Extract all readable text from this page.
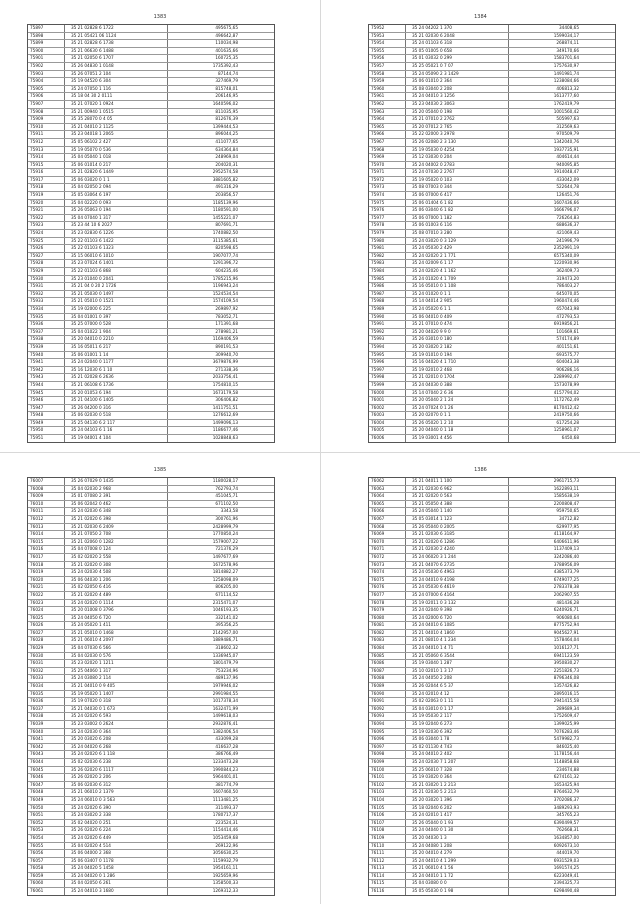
1383
75897	35 21 02828 6 1722	495675,65
75898	35 21 05421 06 1124	496642,87
75899	35 21 02828 6 1738	110034,98
75900	35 21 06630 6 1488	401635,66
75901	35 21 02050 6 1707	160725,35
75902	35 26 04830 1 0148	1735392,43
75903	35 26 07051 2 104	87144,74
75904	35 19 04520 6 304	327469,79
75905	35 24 07050 1 116	815748,01
75906	35 18 04 30 2 0111	206146,95
75907	35 21 07020 1 0924	1640596,02
75908	35 21 00940 1 0515	811035,95
75909	35 35 28070 0 4 05	812676,39
75910	35 21 04010 2 1125	1399444,53
75911	35 23 04018 1 2065	896044,25
75912	35 05 06102 2 427	411077,65
75913	35 19 05070 0 536	634364,84
75914	35 04 05040 1 018	248969,04
75915	35 06 01014 0 217	204020,31
75916	35 21 02820 6 1449	2952574,58
75917	35 06 03020 0 1 1	3881605,82
75918	35 04 02050 2 094	491316,29
75919	35 05 03064 6 197	203856,57
75920	35 04 02220 0 093	1185139,96
75921	35 26 05063 0 194	1180591,00
75922	35 04 07040 1 317	1455221,07
75923	35 23 44 10 6 2027	807691,71
75924	35 23 02830 6 1226	1740882,50
75925	35 22 01103 6 1422	3115385,61
75926	35 22 01103 6 1323	820598,65
75927	35 15 06010 6 1010	1907077,74
75928	35 23 07024 6 1401	1291396,72
75929	35 22 01103 6 868	604235,46
75930	35 23 01040 0 2041	1785215,96
75931	35 21 04 0 20 2 1726	1196943,24
75932	35 21 05030 0 1497	1524534,54
75933	35 21 05010 0 1521	1574109,54
75934	35 19 02000 6 225	269897,92
75935	35 04 01001 0 397	783052,71
75936	35 25 07000 0 528	171391,68
75937	35 04 01022 1 904	278981,21
75938	35 20 04010 0 2210	1169406,59
75939	35 16 05011 6 217	890191,53
75940	35 06 01001 1 14	309940,70
75941	35 24 02040 0 1177	3679876,99
75942	35 16 12030 6 1 10	271338,36
75943	35 21 02028 6 2636	2033756,41
75944	35 21 06108 6 1736	1754810,15
75945	35 20 01053 6 194	1673179,58
75946	35 21 04100 6 1405	306406,82
75947	35 26 04200 0 316	1411751,51
75948	35 06 02030 0 518	1276612,69
75949	35 25 04130 6 2 117	1499096,13
75950	35 24 04103 6 1 16	1186677,46
75951	35 19 04001 4 104	1028848,63
1384
75952	35 24 04202 1 370	34408,65
75953	35 21 02030 6 2048	1599034,17
75954	35 24 01103 6 318	268874,11
75955	35 05 01005 0 658	349170,66
75956	35 01 03032 0 299	1583701,64
75957	35 25 05021 0 7 07	1757630,97
75958	35 24 05090 2 3 1429	1491981,74
75959	35 06 01010 2 364	1238084,66
75960	35 08 03040 2 208	406813,32
75961	35 24 04010 3 1256	1613777,60
75962	35 23 04030 2 3063	1762419,79
75963	35 20 05040 0 198	1001560,42
75964	35 21 07010 2 2762	505997,63
75965	35 20 07012 2 765	312569,63
75966	35 22 02000 3 2978	970509,79
75967	35 26 02080 2 3 130	1342040,76
75968	35 19 05030 0 4254	1937735,91
75969	35 12 03030 0 204	404614,44
75970	35 24 04002 0 2783	940095,85
75971	35 24 07030 2 2767	1914048,47
75972	35 19 05020 0 103	433042,09
75973	35 08 07003 0 344	522644,78
75974	35 06 07000 6 417	126451,76
75975	35 06 01404 6 1 82	1607436,66
75976	35 06 03040 6 1 82	1666796,07
75977	35 06 07000 1 182	726264,83
75978	35 06 01003 6 116	688636,37
75979	35 08 07010 3 280	421069,43
75980	35 24 03020 0 3 129	241996,79
75981	35 24 05030 2 429	2352991,19
75982	35 24 02020 2 1 771	6575340,09
75983	35 24 02009 6 1 17	1220930,96
75984	35 24 02020 4 1 162	362409,73
75985	35 24 01020 4 1 709	319473,20
75986	35 16 05010 0 1 108	786403,27
75987	35 24 01020 0 1 1	645070,05
75988	35 14 04014 2 905	1960474,46
75989	35 24 05020 6 1 1	657043,98
75990	35 06 04010 0 409	472793,53
75991	35 21 07010 0 474	6919856,21
75992	35 20 04020 9 9 0	101669,61
75993	35 26 03010 0 180	574174,89
75994	35 20 03020 2 182	401151,61
75995	35 19 01010 0 194	693575,77
75996	35 16 04020 4 1 710	604043,38
75997	35 19 02010 2 468	906286,16
75998	35 21 02010 0 1704	2289992,47
75999	35 24 04030 0 388	1573078,99
76000	35 14 07040 2 6 36	4157794,02
76001	35 20 05040 2 1 24	1172762,49
76002	35 24 07024 0 1 26	8170412,42
76003	35 20 02070 0 1 1	2419750,66
76004	35 26 05020 1 2 10	617254,28
76005	35 20 04040 0 1 18	1258961,07
76006	35 19 03001 4 456	6450,68
1385
76007	35 26 07029 0 1435	1180028,17
76008	35 04 02030 2 968	762793,74
76009	35 01 07080 2 391	451045,71
76010	35 06 02042 0 462	671102,50
76011	35 24 02030 6 348	3343,58
76012	35 21 02020 6 398	300761,96
76013	35 21 02030 6 2409	2428999,79
76014	35 21 07050 2 708	1770850,24
76015	35 21 02060 0 1282	1579007,22
76016	35 04 07008 0 124	721376,29
76017	35 02 02020 2 558	1497677,69
76018	35 21 02020 0 308	1672578,96
76019	35 24 02030 4 508	1814882,27
76020	35 06 04030 1 206	1258098,09
76021	35 02 02050 6 416	806205,00
76022	35 21 02020 4 489	671114,52
76023	35 24 02020 0 1114	2315471,07
76024	35 20 01008 0 3796	1046193,35
76025	35 24 04050 6 720	332141,02
76026	35 24 05020 1 411	395356,25
76027	35 21 05010 0 1468	2142957,00
76028	35 21 06010 4 2097	1889486,71
76029	35 04 07030 6 566	318602,32
76030	35 04 02030 0 576	1336945,07
76031	35 23 02020 1 1211	1801479,79
76032	35 25 04060 1 317	753234,96
76033	35 24 03080 2 114	489137,96
76034	35 21 04010 0 9 405	1979946,02
76035	35 19 05020 1 1407	2991984,55
76036	35 19 07020 0 318	1017378,34
76037	35 21 04030 0 1 673	1632471,99
76038	35 24 02020 6 593	1499618,03
76039	35 23 03002 0 2624	2932876,41
76040	35 24 02030 0 364	1382406,54
76041	35 20 03020 6 208	433099,28
76042	35 24 04020 6 268	416637,28
76043	35 24 02020 6 1 118	386766,49
76044	35 02 02030 6 238	1233473,28
76045	35 26 02020 6 1117	1990844,23
76046	35 26 02020 2 206	5964401,01
76047	35 06 02030 6 312	381774,79
76048	35 21 06010 2 1379	1607460,50
76049	35 24 06010 0 3 563	1113481,25
76050	35 24 02020 6 390	311493,37
76051	35 24 03020 2 338	1780717,37
76052	35 02 04020 0 251	223524,31
76053	35 26 02020 6 224	1154414,46
76054	35 24 02020 6 449	1053459,68
76055	35 04 02020 4 514	269122,96
76056	35 06 04000 2 368	3056630,25
76057	35 06 03407 0 1178	1159932,79
76058	35 24 04020 5 1458	1954161,11
76059	35 24 04020 0 1 286	1925659,96
76060	35 04 02050 6 261	1358500,33
76061	35 24 04010 3 1680	1269312,33
1386
76062	35 21 04011 1 100	2961715,73
76063	35 21 02030 6 962	1622893,11
76064	35 21 02020 0 563	1585638,19
76065	35 21 05050 4 388	2200808,47
76066	35 24 05040 1 140	959750,65
76067	35 05 03014 1 123	34712,82
76068	35 26 05040 0 2005	629977,95
76069	35 21 02030 6 3185	4118164,97
76070	35 21 02020 6 1286	6406611,96
76071	35 21 02030 2 4240	1137409,13
76072	35 24 06020 3 1 244	3242086,40
76073	35 21 04070 6 2735	3788956,09
76074	35 24 05030 6 4963	4385373,79
76075	35 24 04010 9 4198	6749077,25
76076	35 24 05030 6 4619	2783378,38
76077	35 24 07000 6 4164	2062907,55
76078	35 19 02011 0 3 132	481436,28
76079	35 24 02040 9 398	6240926,71
76080	35 24 02000 6 720	906080,64
76081	35 24 04010 6 1085	8775752,94
76082	35 21 04010 4 1860	9045627,91
76083	35 21 08010 4 1 234	1578464,04
76084	35 24 04010 1 4 71	1016127,71
76085	35 21 05060 6 3544	6941123,59
76086	35 19 03040 1 287	3950830,27
76087	35 10 02010 1 3 17	2251826,73
76088	35 24 04050 2 208	8796346,08
76089	35 26 02044 6 5 37	1357426,82
76090	35 24 02010 4 12	2895016,15
76091	35 02 02063 0 1 11	2941415,58
76092	35 04 03010 0 1 17	289689,34
76093	35 19 05030 2 117	1752609,47
76094	35 19 02040 6 273	1399025,99
76095	35 19 02030 6 392	7076283,46
76096	35 06 03040 1 78	5479982,73
76097	35 02 01130 4 743	846025,40
76098	35 24 04010 2 402	1178156,44
76099	35 24 02030 7 1 207	1148858,68
76100	35 25 06010 7 328	234674,88
76101	35 19 03020 0 364	6274161,32
76102	35 21 03020 1 2 213	1653425,94
76103	35 21 02030 5 2 213	8764632,79
76104	35 20 03020 1 396	3702086,37
76105	35 18 02040 6 202	3489293,93
76106	35 24 02010 1 417	345765,23
76107	35 26 05040 0 1 93	6390499,57
76108	35 24 04040 0 1 30	762668,31
76109	35 20 04030 1 3	1634857,00
76110	35 24 04080 1 208	6092673,10
76111	35 20 04010 4 279	444019,70
76112	35 24 04010 4 1 299	6931529,03
76113	35 21 06010 4 1 56	1691574,25
76114	35 24 04010 1 1 72	6223049,41
76115	35 04 03080 0 0	2394325,73
76116	35 05 05030 0 1 98	6298490,48
